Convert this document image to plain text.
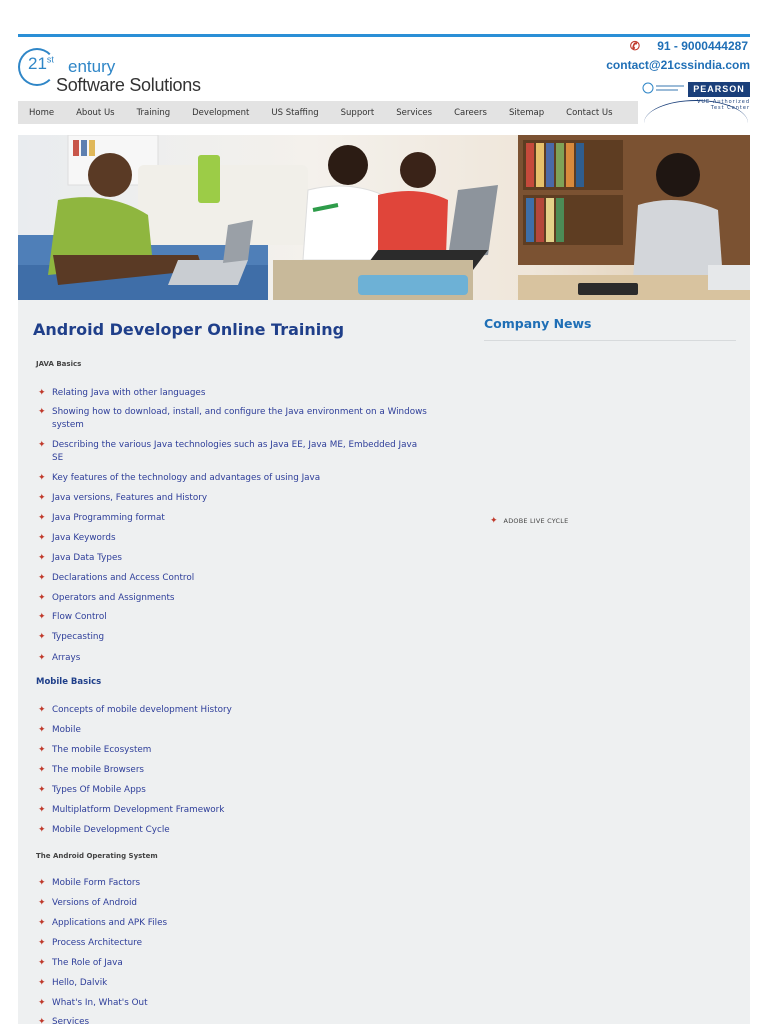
21st entury
Software Solutions
✆ 91 - 9000444287
contact@21cssindia.com
PEARSON
VUE-Authorized Test Center
Home	About Us	Training	Development	US Staffing	Support	Services	Careers	Sitemap	Contact Us
Android Developer Online Training
JAVA Basics
✦ Relating Java with other languages
✦ Showing how to download, install, and configure the Java environment on a Windows system
✦ Describing the various Java technologies such as Java EE, Java ME, Embedded Java SE
✦ Key features of the technology and advantages of using Java
✦ Java versions, Features and History
✦ Java Programming format
✦ Java Keywords
✦ Java Data Types
✦ Declarations and Access Control
✦ Operators and Assignments
✦ Flow Control
✦ Typecasting
✦ Arrays
Mobile Basics
✦ Concepts of mobile development History
✦ Mobile
✦ The mobile Ecosystem
✦ The mobile Browsers
✦ Types Of Mobile Apps
✦ Multiplatform Development Framework
✦ Mobile Development Cycle
The Android Operating System
✦ Mobile Form Factors
✦ Versions of Android
✦ Applications and APK Files
✦ Process Architecture
✦ The Role of Java
✦ Hello, Dalvik
✦ What's In, What's Out
✦ Services
Company News
✦ ADOBE LIVE CYCLE
